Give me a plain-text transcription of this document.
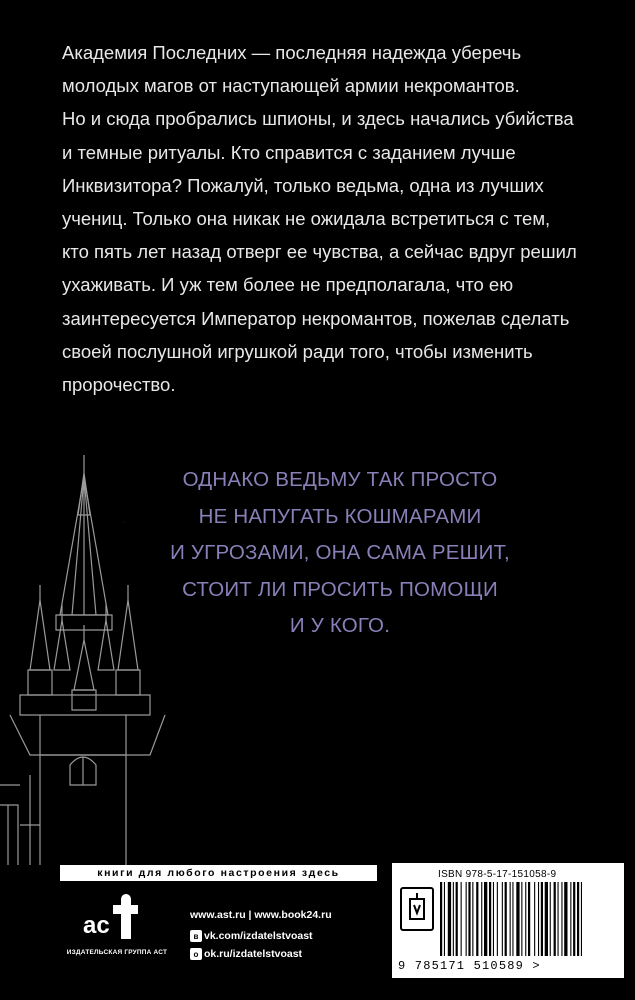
Академия Последних — последняя надежда уберечь

молодых магов от наступающей армии некромантов.

Но и сюда пробрались шпионы, и здесь начались убийства

и темные ритуалы. Кто справится с заданием лучше

Инквизитора? Пожалуй, только ведьма, одна из лучших

учениц. Только она никак не ожидала встретиться с тем,

кто пять лет назад отверг ее чувства, а сейчас вдруг решил

ухаживать. И уж тем более не предполагала, что ею

заинтересуется Император некромантов, пожелав сделать

своей послушной игрушкой ради того, чтобы изменить

пророчество.

ОДНАКО ВЕДЬМУ ТАК ПРОСТО
НЕ НАПУГАТЬ КОШМАРАМИ
И УГРОЗАМИ, ОНА САМА РЕШИТ,
СТОИТ ЛИ ПРОСИТЬ ПОМОЩИ
И У КОГО.
книги для любого настроения здесь
ас
ИЗДАТЕЛЬСКАЯ ГРУППА АСТ
www.ast.ru | www.book24.ru
в vk.com/ izdatelstvoast
о ok.ru/ izdatelstvoast
ISBN 978-5-17-151058-9
9 785171 510589 >
